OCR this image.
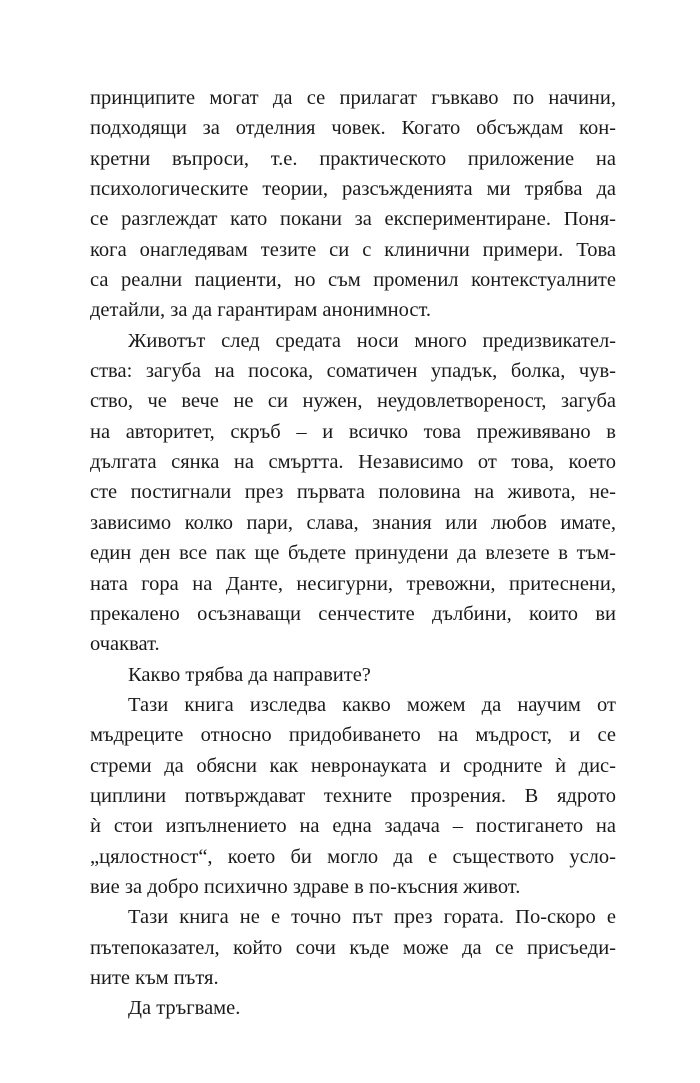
принципите могат да се прилагат гъвкаво по начини,
подходящи за отделния човек. Когато обсъждам кон-
кретни въпроси, т.е. практическото приложение на
психологическите теории, разсъжденията ми трябва да
се разглеждат като покани за експериментиране. Поня-
кога онагледявам тезите си с клинични примери. Това
са реални пациенти, но съм променил контекстуалните
детайли, за да гарантирам анонимност.
Животът след средата носи много предизвикател-
ства: загуба на посока, соматичен упадък, болка, чув-
ство, че вече не си нужен, неудовлетвореност, загуба
на авторитет, скръб – и всичко това преживявано в
дългата сянка на смъртта. Независимо от това, което
сте постигнали през първата половина на живота, не-
зависимо колко пари, слава, знания или любов имате,
един ден все пак ще бъдете принудени да влезете в тъм-
ната гора на Данте, несигурни, тревожни, притеснени,
прекалено осъзнаващи сенчестите дълбини, които ви
очакват.
Какво трябва да направите?
Тази книга изследва какво можем да научим от
мъдреците относно придобиването на мъдрост, и се
стреми да обясни как невронауката и сродните ѝ дис-
циплини потвърждават техните прозрения. В ядрото
ѝ стои изпълнението на една задача – постигането на
„цялостност“, което би могло да е съществото усло-
вие за добро психично здраве в по-късния живот.
Тази книга не е точно път през гората. По-скоро е
пътепоказател, който сочи къде може да се присъеди-
ните към пътя.
Да тръгваме.
